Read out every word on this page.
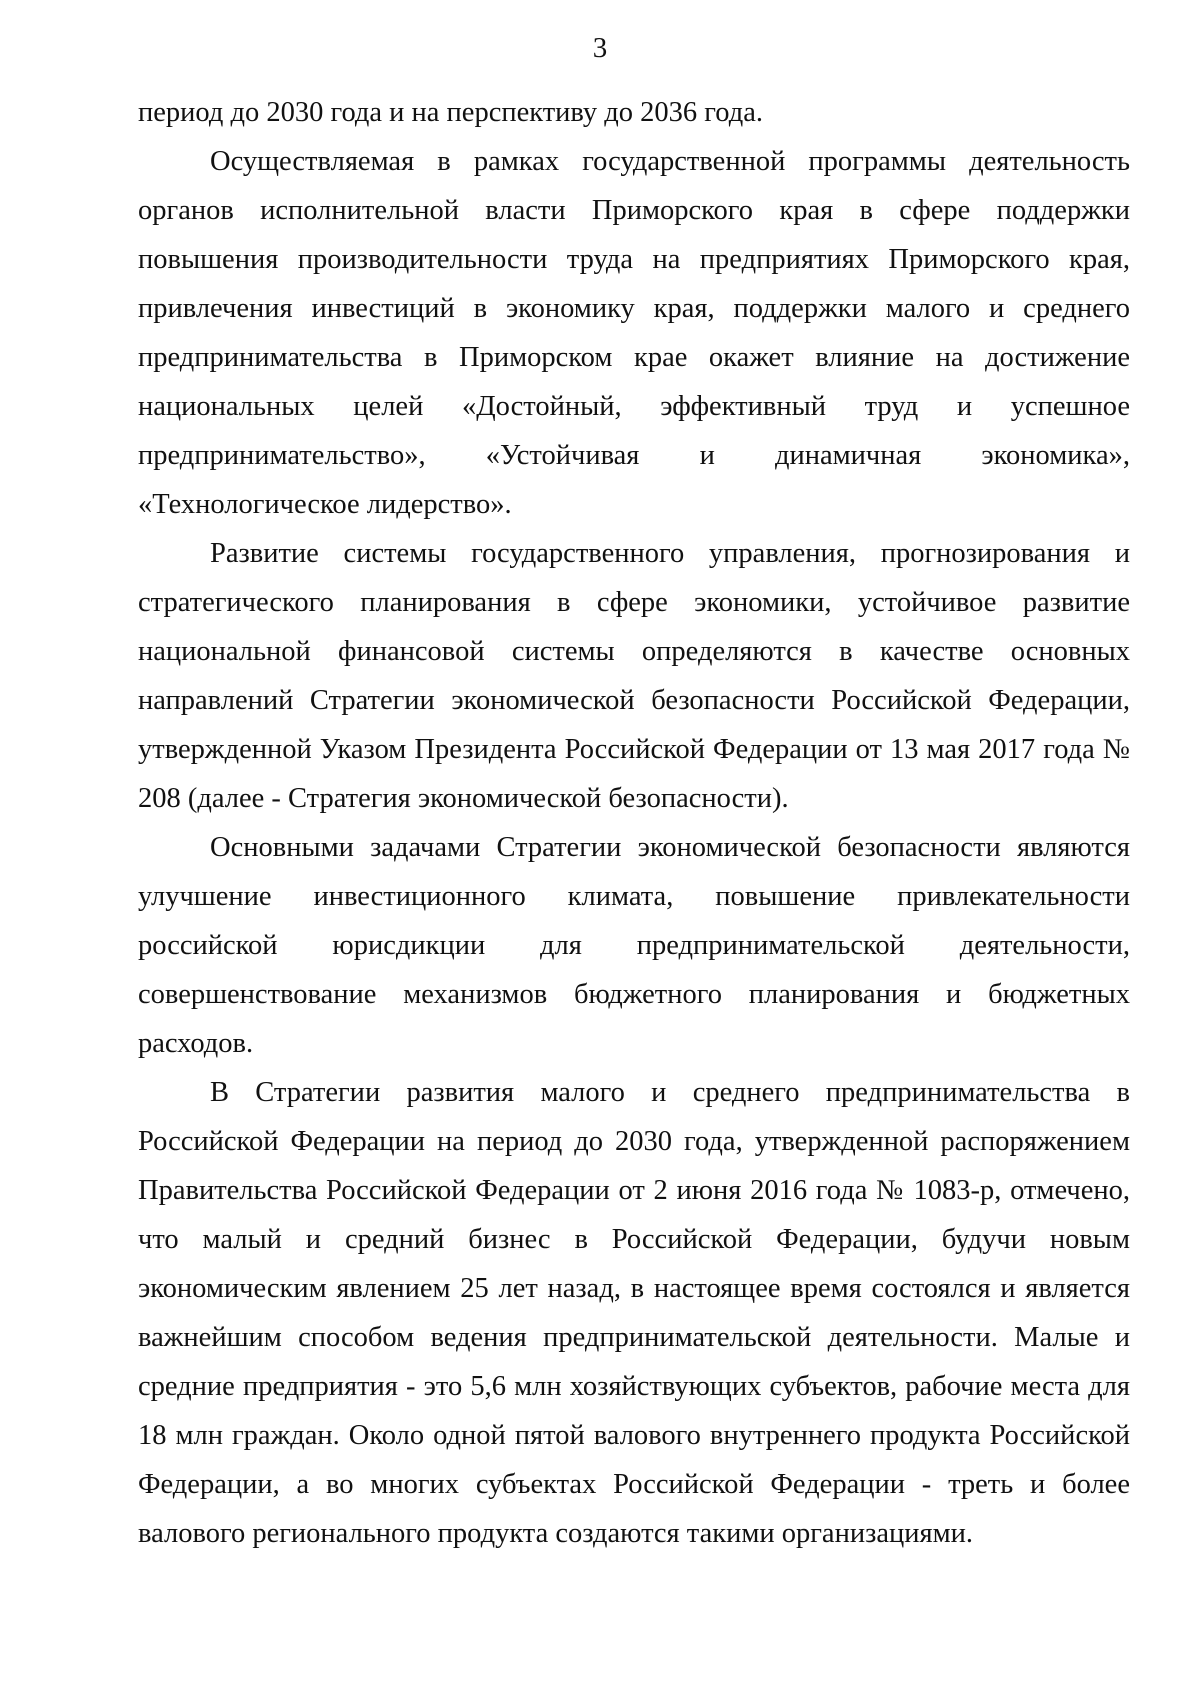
3

период до 2030 года и на перспективу до 2036 года.

Осуществляемая в рамках государственной программы деятельность органов исполнительной власти Приморского края в сфере поддержки повышения производительности труда на предприятиях Приморского края, привлечения инвестиций в экономику края, поддержки малого и среднего предпринимательства в Приморском крае окажет влияние на достижение национальных целей «Достойный, эффективный труд и успешное предпринимательство», «Устойчивая и динамичная экономика», «Технологическое лидерство».

Развитие системы государственного управления, прогнозирования и стратегического планирования в сфере экономики, устойчивое развитие национальной финансовой системы определяются в качестве основных направлений Стратегии экономической безопасности Российской Федерации, утвержденной Указом Президента Российской Федерации от 13 мая 2017 года № 208 (далее - Стратегия экономической безопасности).

Основными задачами Стратегии экономической безопасности являются улучшение инвестиционного климата, повышение привлекательности российской юрисдикции для предпринимательской деятельности, совершенствование механизмов бюджетного планирования и бюджетных расходов.

В Стратегии развития малого и среднего предпринимательства в Российской Федерации на период до 2030 года, утвержденной распоряжением Правительства Российской Федерации от 2 июня 2016 года № 1083-р, отмечено, что малый и средний бизнес в Российской Федерации, будучи новым экономическим явлением 25 лет назад, в настоящее время состоялся и является важнейшим способом ведения предпринимательской деятельности. Малые и средние предприятия - это 5,6 млн хозяйствующих субъектов, рабочие места для 18 млн граждан. Около одной пятой валового внутреннего продукта Российской Федерации, а во многих субъектах Российской Федерации - треть и более валового регионального продукта создаются такими организациями.
